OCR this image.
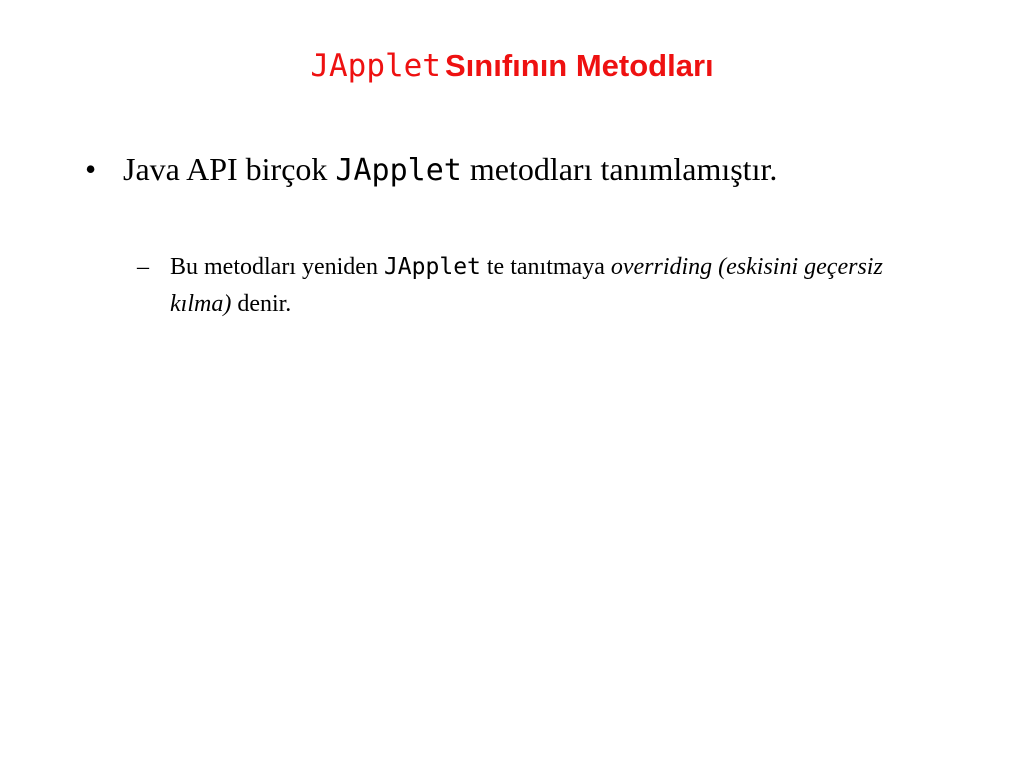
JApplet Sınıfının Metodları
• Java API birçok JApplet metodları tanımlamıştır.
– Bu metodları yeniden JApplet te tanıtmaya overriding (eskisini geçersiz kılma) denir.
